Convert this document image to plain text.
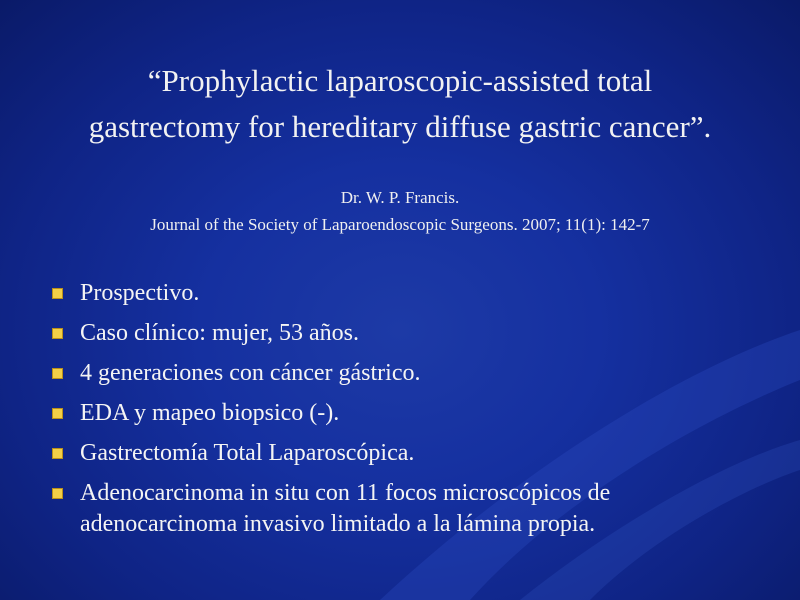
“Prophylactic laparoscopic-assisted total
gastrectomy for hereditary diffuse gastric cancer”.
Dr. W. P. Francis.
Journal of the Society of Laparoendoscopic Surgeons. 2007; 11(1): 142-7
Prospectivo.
Caso clínico: mujer, 53 años.
4 generaciones con cáncer gástrico.
EDA y mapeo biopsico (-).
Gastrectomía Total Laparoscópica.
Adenocarcinoma in situ con 11 focos microscópicos de adenocarcinoma invasivo limitado a la lámina propia.
